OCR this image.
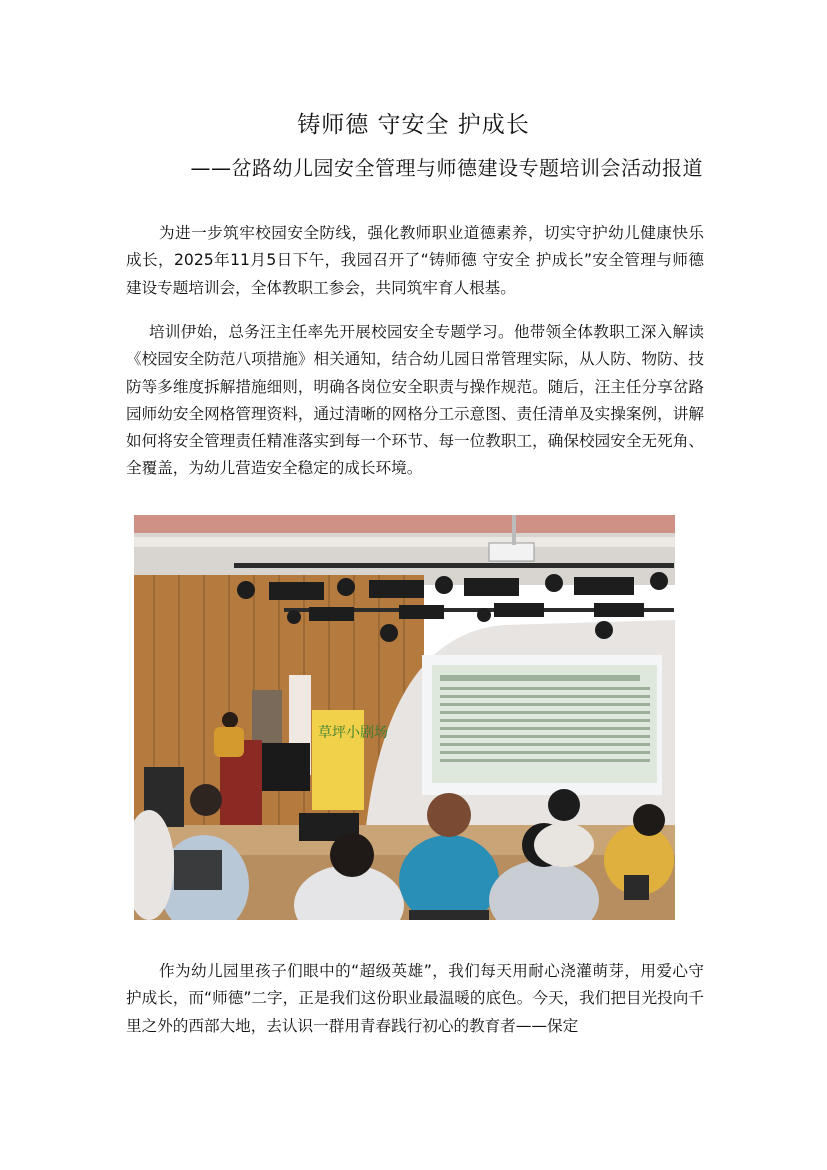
铸师德 守安全 护成长
——岔路幼儿园安全管理与师德建设专题培训会活动报道

为进一步筑牢校园安全防线，强化教师职业道德素养，切实守护幼儿健康快乐成长，2025年11月5日下午，我园召开了“铸师德 守安全 护成长”安全管理与师德建设专题培训会，全体教职工参会，共同筑牢育人根基。

培训伊始，总务汪主任率先开展校园安全专题学习。他带领全体教职工深入解读《校园安全防范八项措施》相关通知，结合幼儿园日常管理实际，从人防、物防、技防等多维度拆解措施细则，明确各岗位安全职责与操作规范。随后，汪主任分享岔路园师幼安全网格管理资料，通过清晰的网格分工示意图、责任清单及实操案例，讲解如何将安全管理责任精准落实到每一个环节、每一位教职工，确保校园安全无死角、全覆盖，为幼儿营造安全稳定的成长环境。

草坪小剧场

作为幼儿园里孩子们眼中的“超级英雄”，我们每天用耐心浇灌萌芽，用爱心守护成长，而“师德”二字，正是我们这份职业最温暖的底色。今天，我们把目光投向千里之外的西部大地，去认识一群用青春践行初心的教育者——保定
